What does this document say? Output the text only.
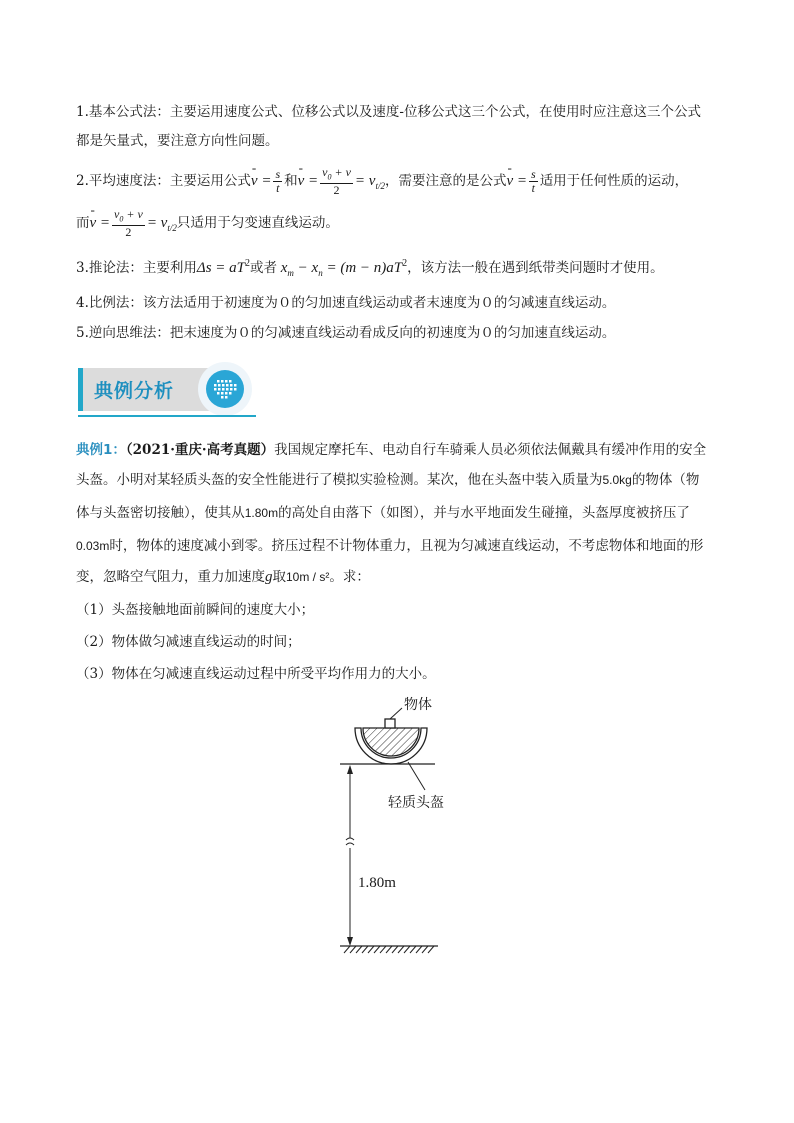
1.基本公式法：主要运用速度公式、位移公式以及速度-位移公式这三个公式，在使用时应注意这三个公式
都是矢量式，要注意方向性问题。
2.平均速度法：主要运用公式- $v = \frac{s}{t}$ 和- $v = \frac{v_0 + v}{2} = v_{t/2}$，需要注意的是公式- $v = \frac{s}{t}$ 适用于任何性质的运动，
而- $v = \frac{v_0 + v}{2} = v_{t/2}$只适用于匀变速直线运动。
3.推论法：主要利用$\Delta s = aT^2$或者 $x_m - x_n = (m - n)aT^2$，该方法一般在遇到纸带类问题时才使用。
4.比例法：该方法适用于初速度为０的匀加速直线运动或者末速度为０的匀减速直线运动。
5.逆向思维法：把末速度为０的匀减速直线运动看成反向的初速度为０的匀加速直线运动。
典例分析
典例1：（2021·重庆·高考真题）我国规定摩托车、电动自行车骑乘人员必须依法佩戴具有缓冲作用的安全
头盔。小明对某轻质头盔的安全性能进行了模拟实验检测。某次，他在头盔中装入质量为5.0kg的物体（物
体与头盔密切接触），使其从1.80m的高处自由落下（如图），并与水平地面发生碰撞，头盔厚度被挤压了
0.03m时，物体的速度减小到零。挤压过程不计物体重力，且视为匀减速直线运动，不考虑物体和地面的形
变，忽略空气阻力，重力加速度g取10m / s²。求：
（1）头盔接触地面前瞬间的速度大小；
（2）物体做匀减速直线运动的时间；
（3）物体在匀减速直线运动过程中所受平均作用力的大小。
物体
轻质头盔
1.80m
